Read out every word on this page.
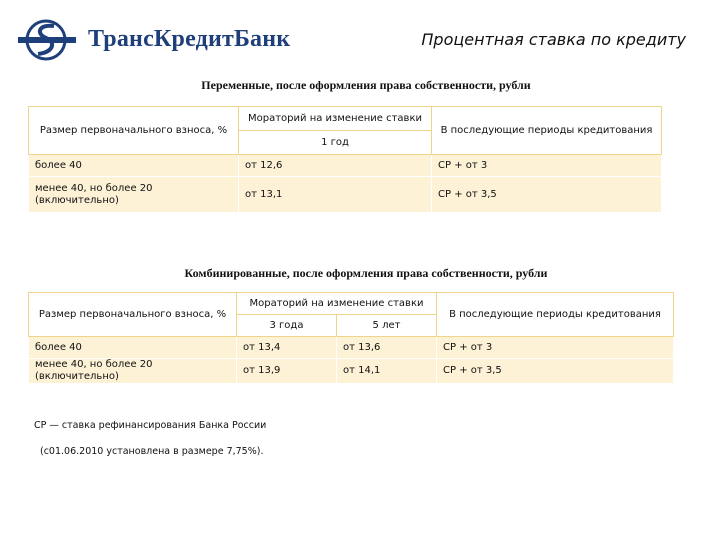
ТрансКредитБанк	Процентная ставка по кредиту
Переменные, после оформления права собственности, рубли
Размер первоначального взноса, %	Мораторий на изменение ставки	В последующие периоды кредитования
	1 год	
более 40	от 12,6	СР + от 3
менее 40, но более 20 (включительно)	от 13,1	СР + от 3,5
Комбинированные, после оформления права собственности, рубли
Размер первоначального взноса, %	Мораторий на изменение ставки		В последующие периоды кредитования
	3 года	5 лет	
более 40	от 13,4	от 13,6	СР + от 3
менее 40, но более 20 (включительно)	от 13,9	от 14,1	СР + от 3,5
СР — ставка рефинансирования Банка России
(с01.06.2010 установлена в размере 7,75%).
